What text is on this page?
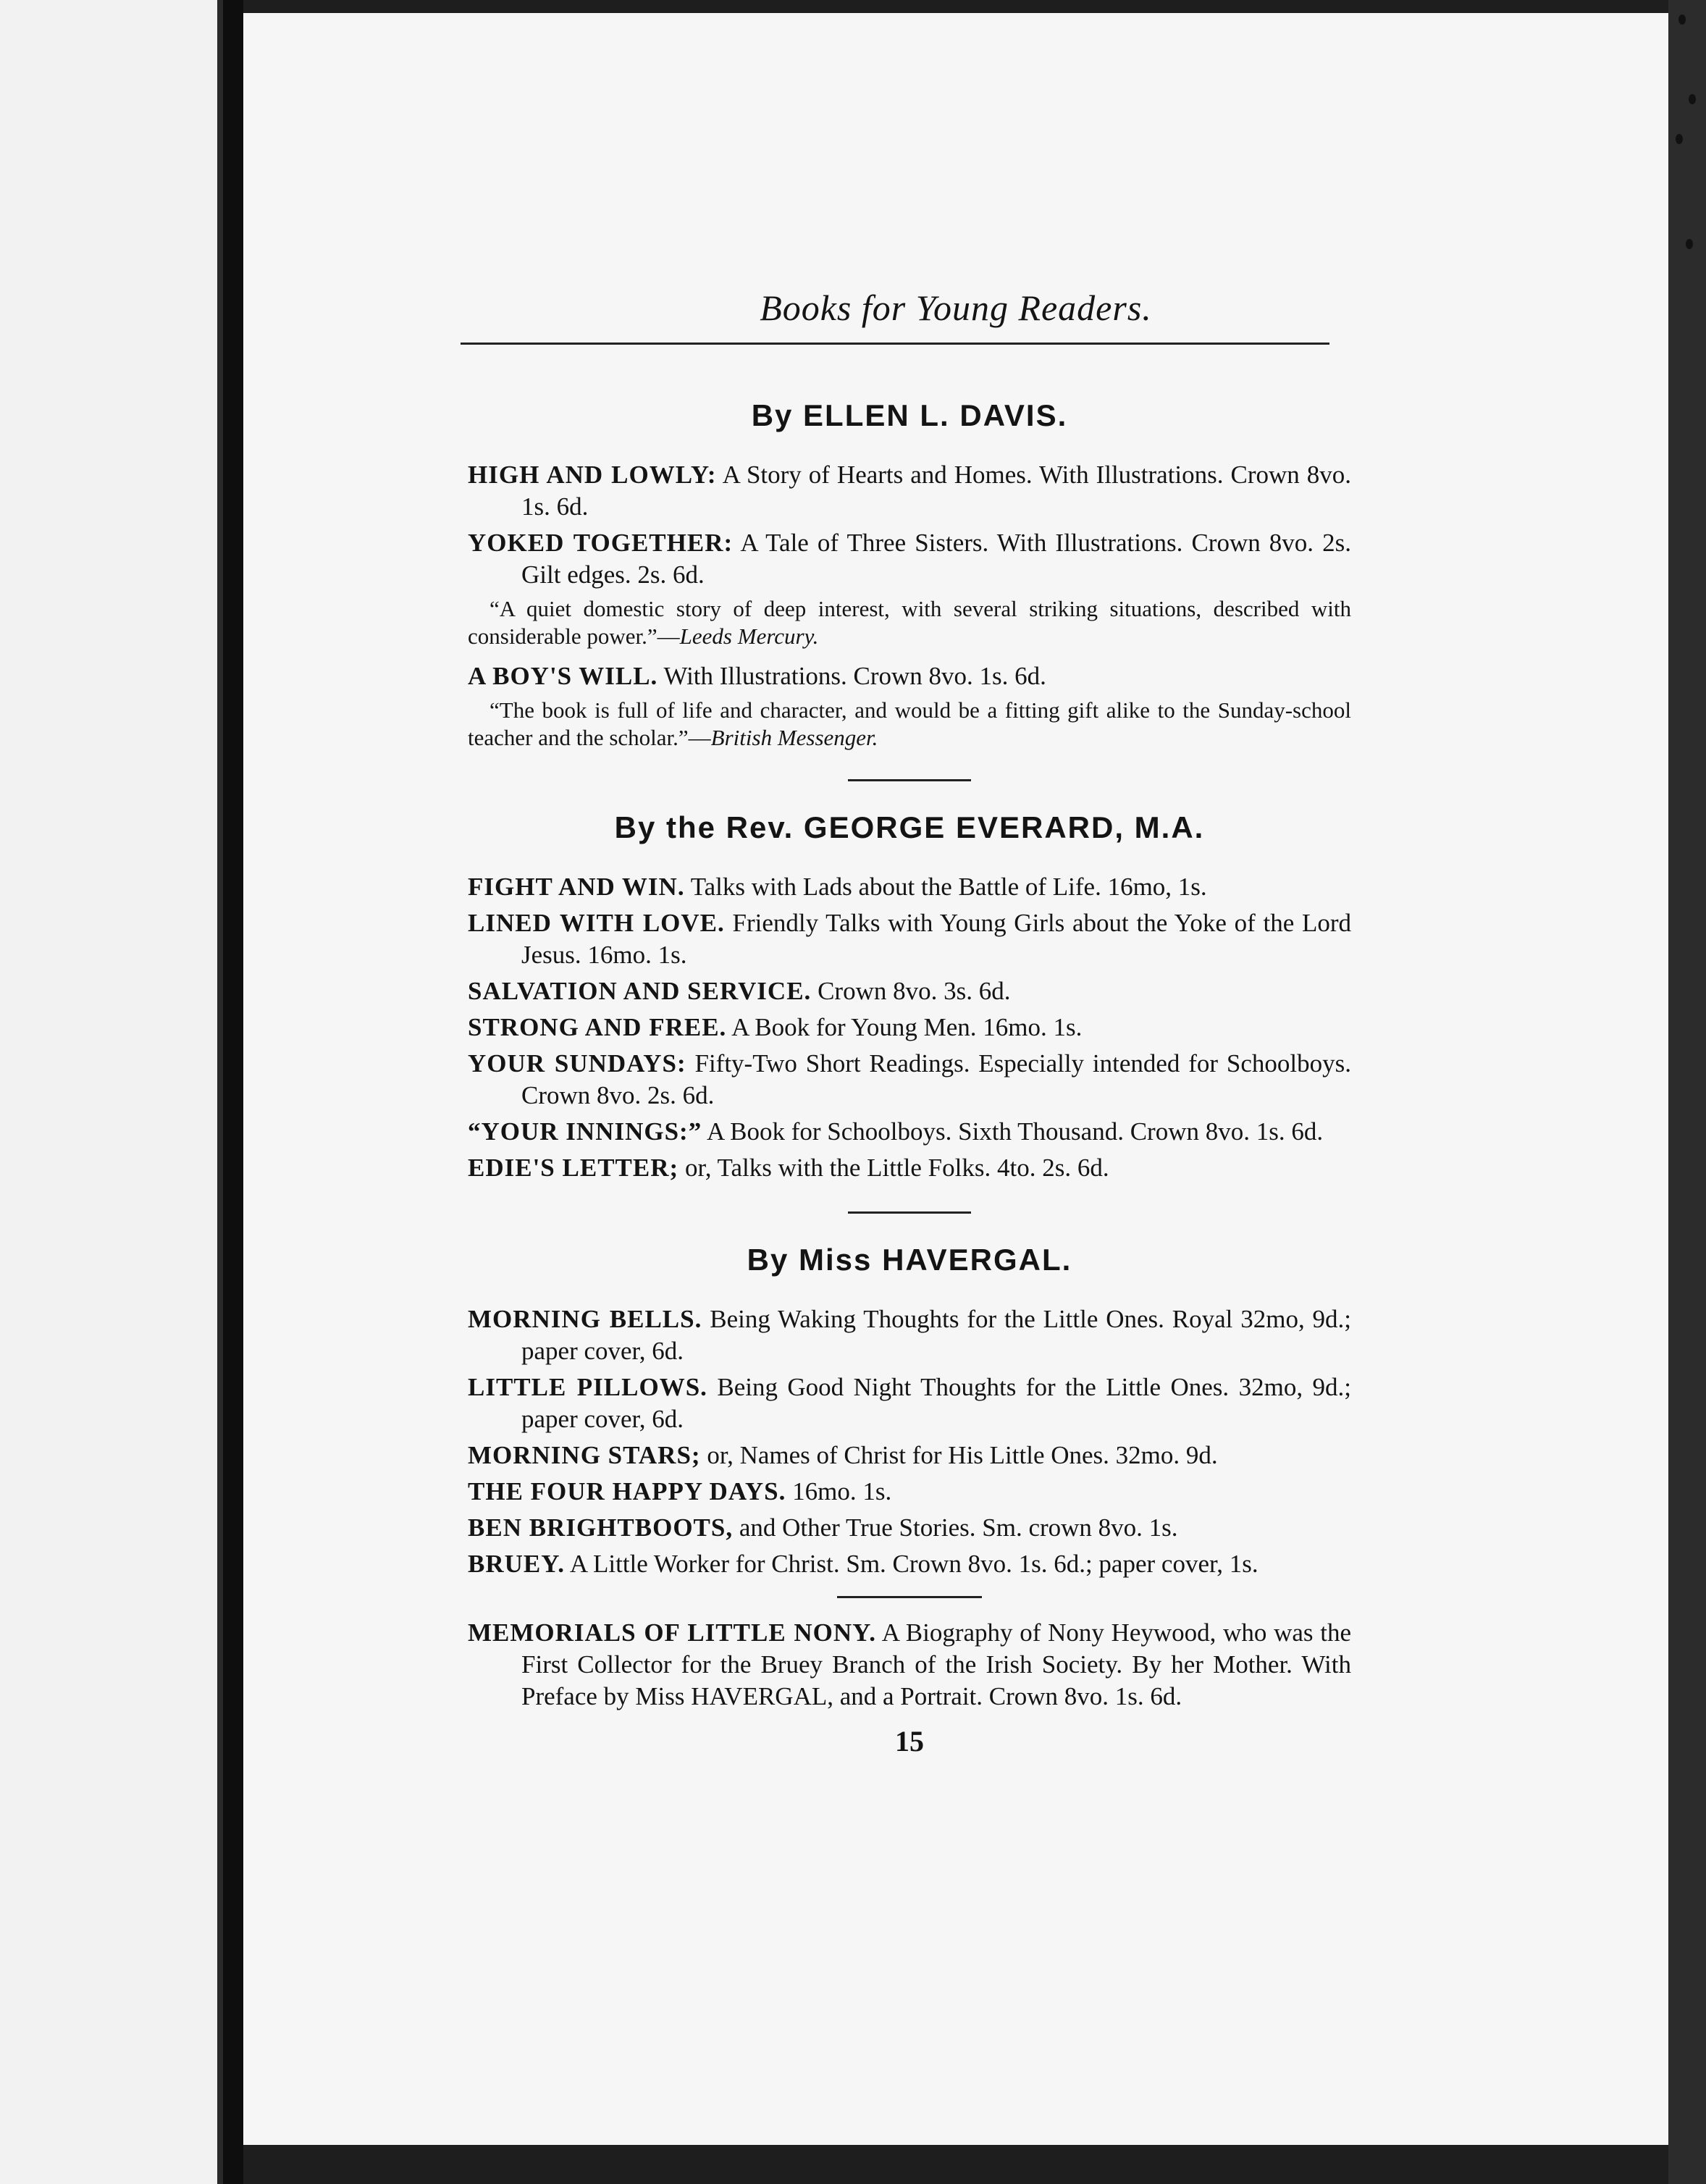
Books for Young Readers.
By ELLEN L. DAVIS.

HIGH AND LOWLY: A Story of Hearts and Homes. With Illustrations. Crown 8vo. 1s. 6d.

YOKED TOGETHER: A Tale of Three Sisters. With Illustrations. Crown 8vo. 2s. Gilt edges. 2s. 6d.

“A quiet domestic story of deep interest, with several striking situations, described with considerable power.”—Leeds Mercury.

A BOY'S WILL. With Illustrations. Crown 8vo. 1s. 6d.

“The book is full of life and character, and would be a fitting gift alike to the Sunday-school teacher and the scholar.”—British Messenger.

By the Rev. GEORGE EVERARD, M.A.

FIGHT AND WIN. Talks with Lads about the Battle of Life. 16mo, 1s.

LINED WITH LOVE. Friendly Talks with Young Girls about the Yoke of the Lord Jesus. 16mo. 1s.

SALVATION AND SERVICE. Crown 8vo. 3s. 6d.

STRONG AND FREE. A Book for Young Men. 16mo. 1s.

YOUR SUNDAYS: Fifty-Two Short Readings. Especially intended for Schoolboys. Crown 8vo. 2s. 6d.

“YOUR INNINGS:” A Book for Schoolboys. Sixth Thousand. Crown 8vo. 1s. 6d.

EDIE'S LETTER; or, Talks with the Little Folks. 4to. 2s. 6d.

By Miss HAVERGAL.

MORNING BELLS. Being Waking Thoughts for the Little Ones. Royal 32mo, 9d.; paper cover, 6d.

LITTLE PILLOWS. Being Good Night Thoughts for the Little Ones. 32mo, 9d.; paper cover, 6d.

MORNING STARS; or, Names of Christ for His Little Ones. 32mo. 9d.

THE FOUR HAPPY DAYS. 16mo. 1s.

BEN BRIGHTBOOTS, and Other True Stories. Sm. crown 8vo. 1s.

BRUEY. A Little Worker for Christ. Sm. Crown 8vo. 1s. 6d.; paper cover, 1s.

MEMORIALS OF LITTLE NONY. A Biography of Nony Heywood, who was the First Collector for the Bruey Branch of the Irish Society. By her Mother. With Preface by Miss HAVERGAL, and a Portrait. Crown 8vo. 1s. 6d.

15
